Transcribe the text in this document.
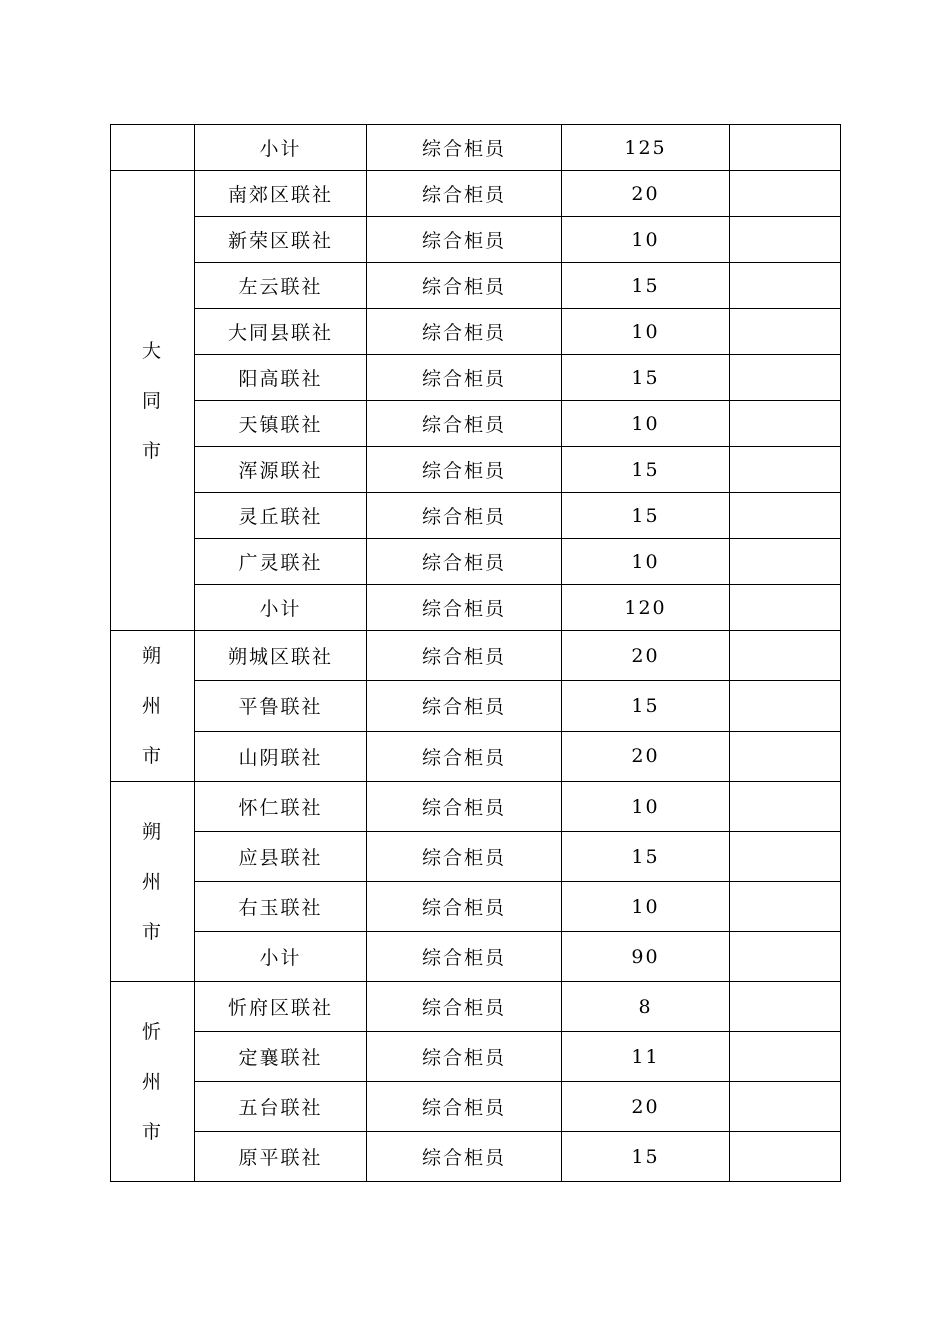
	小计	综合柜员	125	

大
同
市	南郊区联社	综合柜员	20	
	新荣区联社	综合柜员	10	
	左云联社	综合柜员	15	
	大同县联社	综合柜员	10	
	阳高联社	综合柜员	15	
	天镇联社	综合柜员	10	
	浑源联社	综合柜员	15	
	灵丘联社	综合柜员	15	
	广灵联社	综合柜员	10	
	小计	综合柜员	120	

朔
州
市	朔城区联社	综合柜员	20	
	平鲁联社	综合柜员	15	
	山阴联社	综合柜员	20	

朔
州
市	怀仁联社	综合柜员	10	
	应县联社	综合柜员	15	
	右玉联社	综合柜员	10	
	小计	综合柜员	90	

忻
州
市	忻府区联社	综合柜员	8	
	定襄联社	综合柜员	11	
	五台联社	综合柜员	20	
	原平联社	综合柜员	15	
